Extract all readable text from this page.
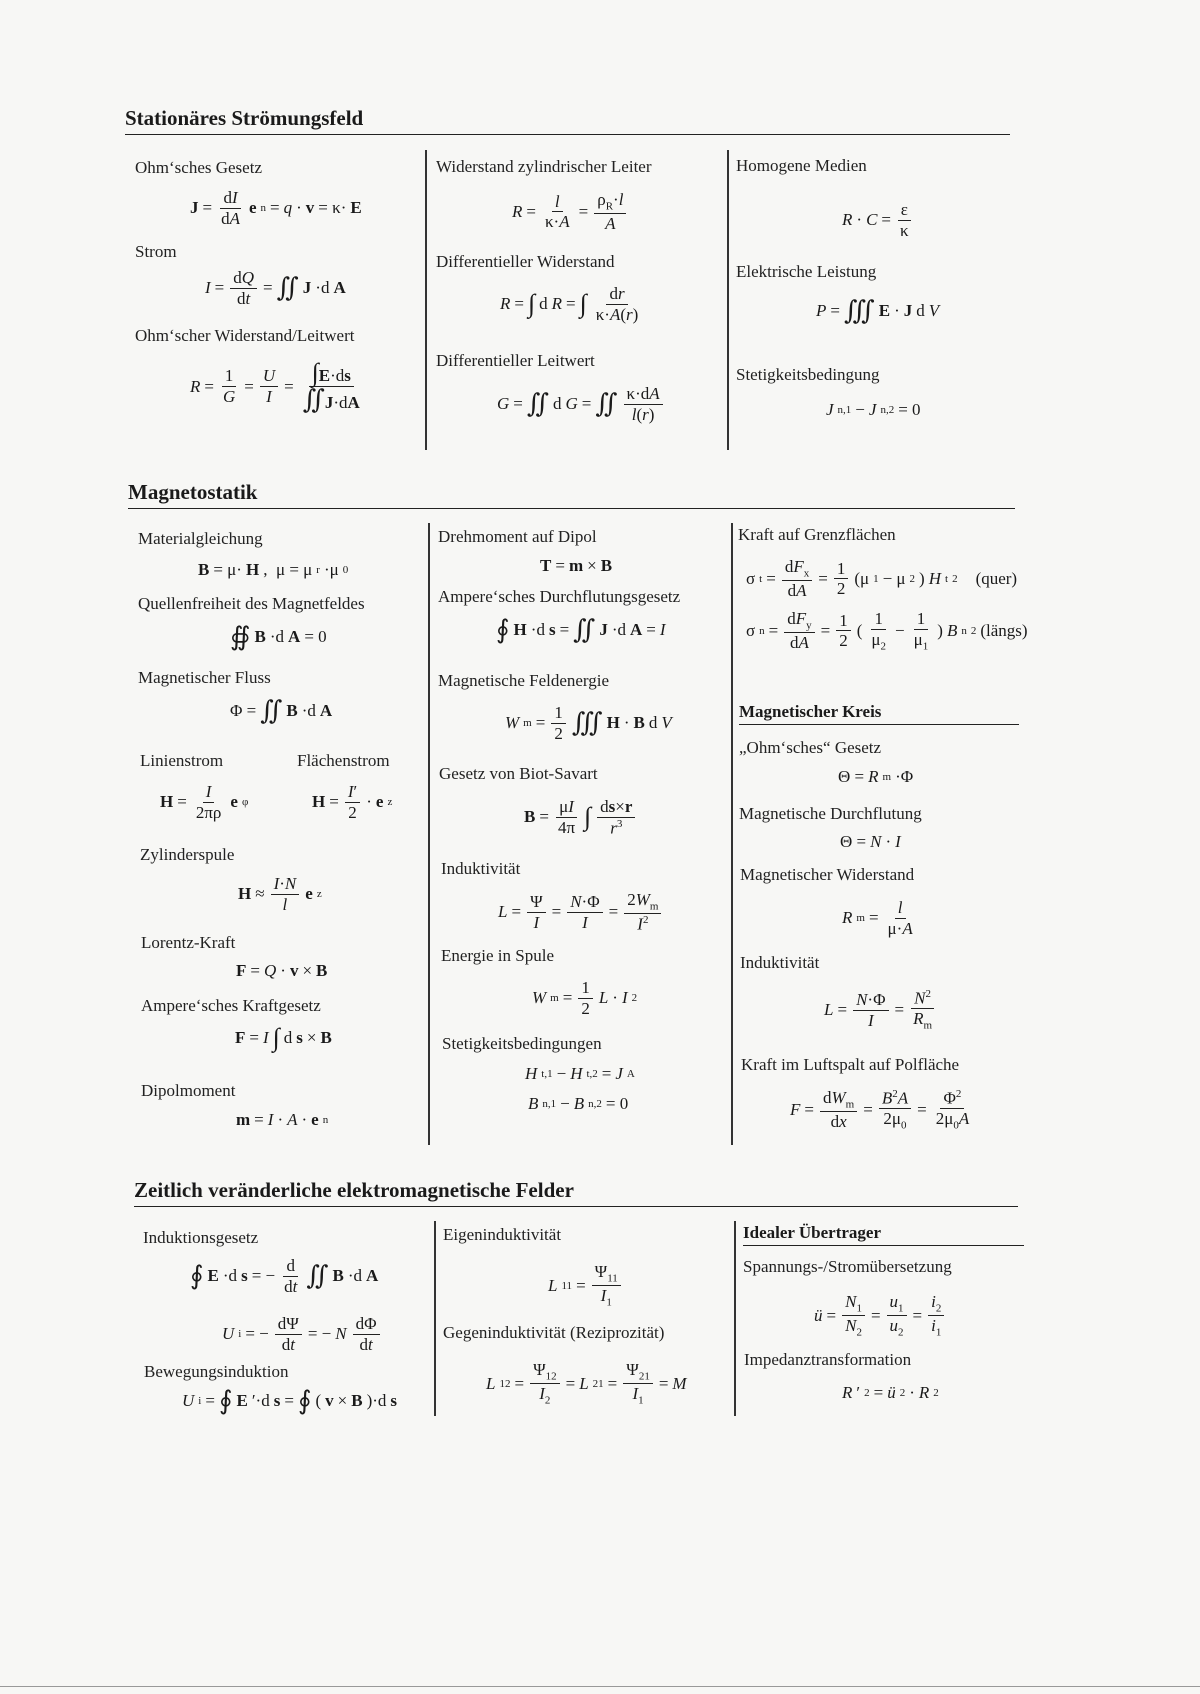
Stationäres Strömungsfeld
Ohm‘sches Gesetz
$J = \frac{dI}{dA}$ e n = q · v = κ· E
Strom
$I = \frac{dQ}{dt}$ = ∬ J ·d A
Ohm‘scher Widerstand/Leitwert
$R = \frac{1}{G} = \frac{U}{I} = \frac{\int E\cdot ds}{∬J\cdot dA}$
Widerstand zylindrischer Leiter
$R = \frac{l}{\kappa\cdot A} = \frac{\rho_R\cdot l}{A}$
Differentieller Widerstand
R = ∫ d R = ∫ $\frac{dr}{\kappa\cdot A(r)}$
Differentieller Leitwert
G = ∬ d G = ∬ $\frac{\kappa\cdot dA}{l(r)}$
Homogene Medien
$R \cdot C = \frac{\varepsilon}{\kappa}$
Elektrische Leistung
P = ∭ E · J d V
Stetigkeitsbedingung
J n,1 − J n,2 = 0
Magnetostatik
Materialgleichung
B = μ· H ,  μ = μ r ·μ 0
Quellenfreiheit des Magnetfeldes
∯ B ·d A = 0
Magnetischer Fluss
Φ = ∬ B ·d A
Linienstrom	Flächenstrom
$H = \frac{I}{2\pi\rho}$ e φ	$H = \frac{I'}{2} \cdot e$ z
Zylinderspule
$H \approx \frac{I\cdot N}{l}$ e z
Lorentz-Kraft
F = Q · v × B
Ampere‘sches Kraftgesetz
F = I ∫ d s × B
Dipolmoment
m = I · A · e n
Drehmoment auf Dipol
T = m × B
Ampere‘sches Durchflutungsgesetz
∮ H ·d s = ∬ J ·d A = I
Magnetische Feldenergie
W $m = \frac{1}{2}$ ∭ H · B d V
Gesetz von Biot-Savart
$B = \frac{\mu I}{4\pi}$ ∫ $\frac{ds\times r}{r^3}$
Induktivität
$L = \frac{\Psi}{I} = \frac{N\cdot\Phi}{I} = \frac{2W_m}{I^2}$
Energie in Spule
W $m = \frac{1}{2}$ L · I 2
Stetigkeitsbedingungen
H t,1 − H t,2 = J A
B n,1 − B n,2 = 0
Kraft auf Grenzflächen
σ $t = \frac{dF_x}{dA} = \frac{1}{2} (\mu$ 1 − μ 2 ) H t 2 (quer)
σ $n = \frac{dF_y}{dA} = \frac{1}{2}$ ( $\frac{1}{\mu_2} - \frac{1}{\mu_1}$ ) B n 2 (längs)
Magnetischer Kreis
„Ohm‘sches“ Gesetz
Θ = R m ·Φ
Magnetische Durchflutung
Θ = N · I
Magnetischer Widerstand
R $m = \frac{l}{\mu\cdot A}$
Induktivität
$L = \frac{N\cdot\Phi}{I} = \frac{N^2}{R_m}$
Kraft im Luftspalt auf Polfläche
$F = \frac{dW_m}{dx} = \frac{B^2A}{2\mu_0} = \frac{\Phi^2}{2\mu_0A}$
Zeitlich veränderliche elektromagnetische Felder
Induktionsgesetz
∮ E ·d s = − $\frac{d}{dt}$ ∬ B ·d A
U i = − $\frac{d\Psi}{dt}$ = − N $\frac{d\Phi}{dt}$
Bewegungsinduktion
U i = ∮ E ′·d s = ∮ ( v × B )·d s
Eigeninduktivität
L $11 = \frac{\Psi_{11}}{I_1}$
Gegeninduktivität (Reziprozität)
L $12 = \frac{\Psi_{12}}{I_2} = L$ $21 = \frac{\Psi_{21}}{I_1} = M$
Idealer Übertrager
Spannungs-/Stromübersetzung
ü = $\frac{N_1}{N_2} = \frac{u_1}{u_2} = \frac{i_2}{i_1}$
Impedanztransformation
R ′ 2 = ü 2 · R 2
